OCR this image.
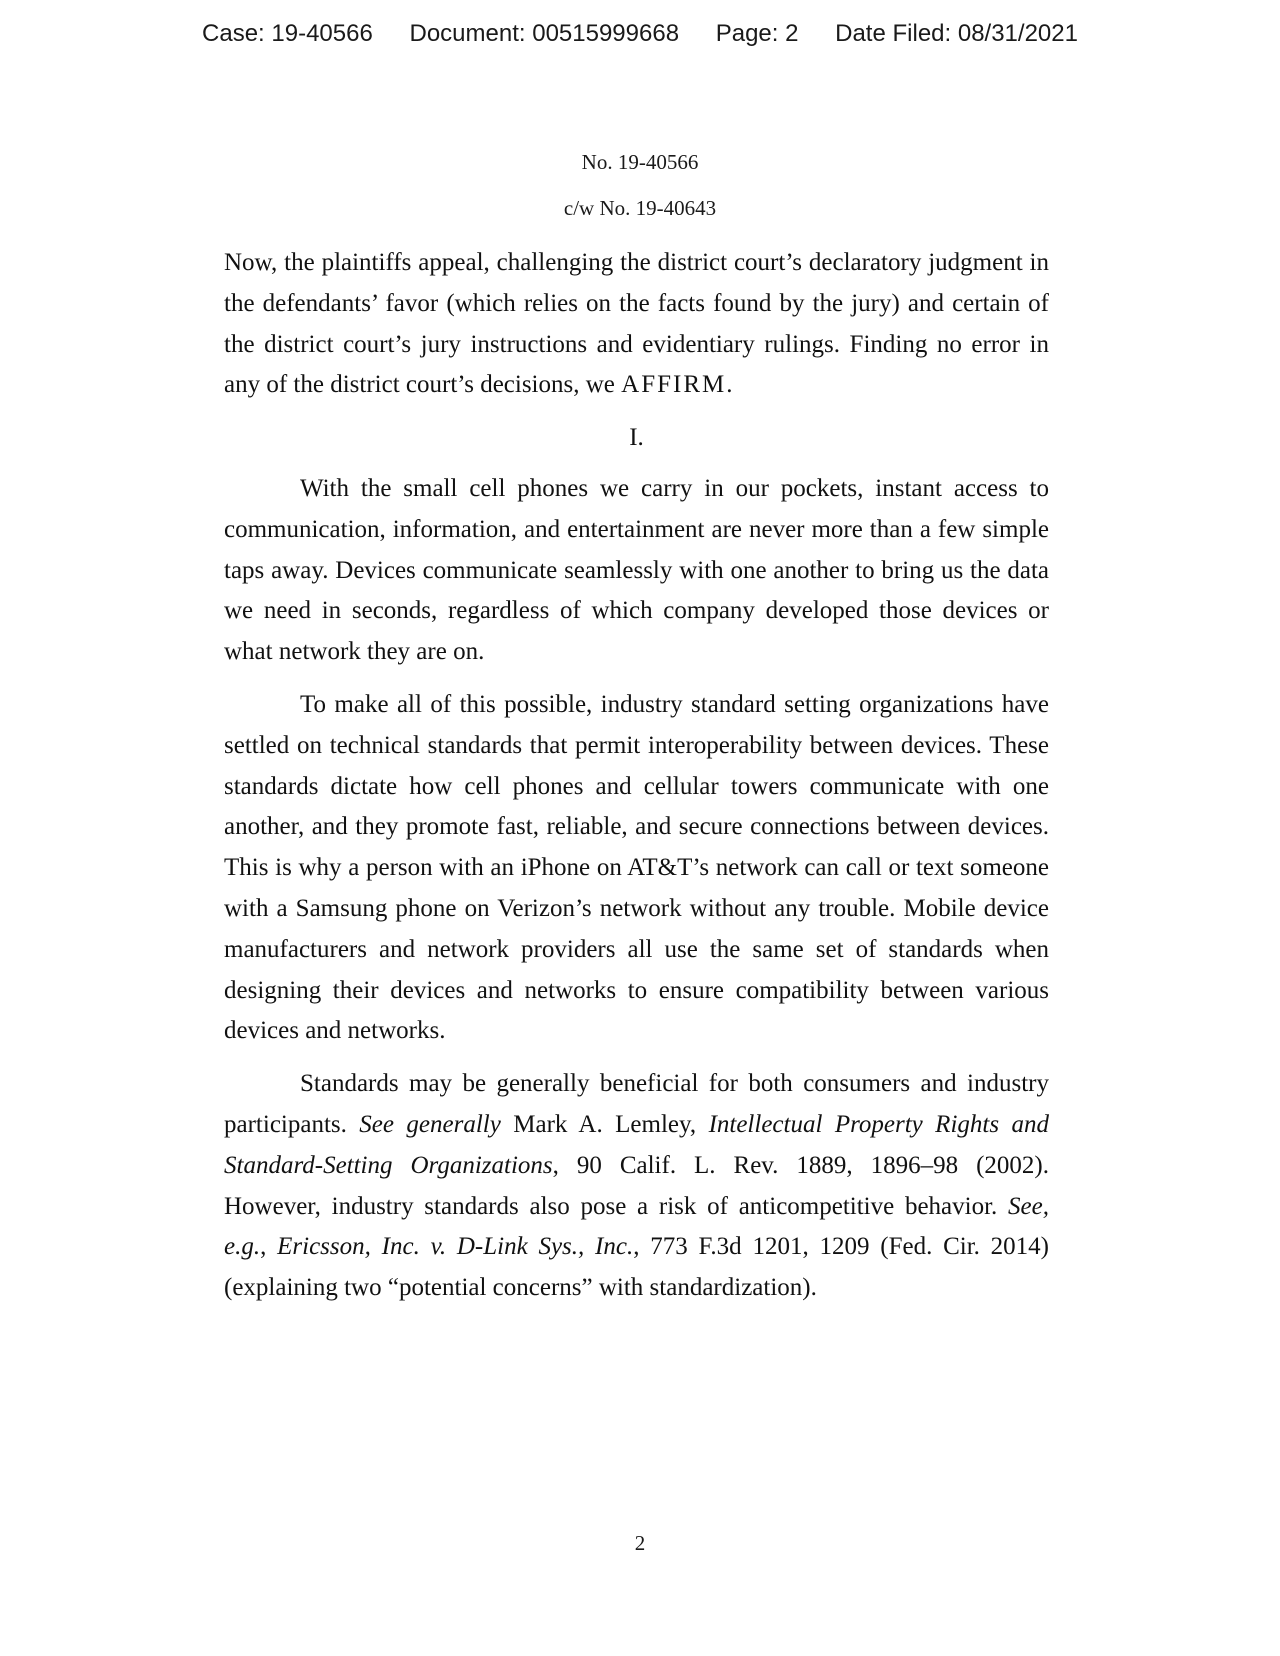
Case: 19-40566 Document: 00515999668 Page: 2 Date Filed: 08/31/2021
No. 19-40566
c/w No. 19-40643

Now, the plaintiffs appeal, challenging the district court’s declaratory judgment in the defendants’ favor (which relies on the facts found by the jury) and certain of the district court’s jury instructions and evidentiary rulings. Finding no error in any of the district court’s decisions, we AFFIRM.

I.

With the small cell phones we carry in our pockets, instant access to communication, information, and entertainment are never more than a few simple taps away. Devices communicate seamlessly with one another to bring us the data we need in seconds, regardless of which company developed those devices or what network they are on.

To make all of this possible, industry standard setting organizations have settled on technical standards that permit interoperability between devices. These standards dictate how cell phones and cellular towers communicate with one another, and they promote fast, reliable, and secure connections between devices. This is why a person with an iPhone on AT&T’s network can call or text someone with a Samsung phone on Verizon’s network without any trouble. Mobile device manufacturers and network providers all use the same set of standards when designing their devices and networks to ensure compatibility between various devices and networks.

Standards may be generally beneficial for both consumers and industry participants. See generally Mark A. Lemley, Intellectual Property Rights and Standard-Setting Organizations, 90 Calif. L. Rev. 1889, 1896–98 (2002). However, industry standards also pose a risk of anticompetitive behavior. See, e.g., Ericsson, Inc. v. D-Link Sys., Inc., 773 F.3d 1201, 1209 (Fed. Cir. 2014) (explaining two “potential concerns” with standardization).

2
